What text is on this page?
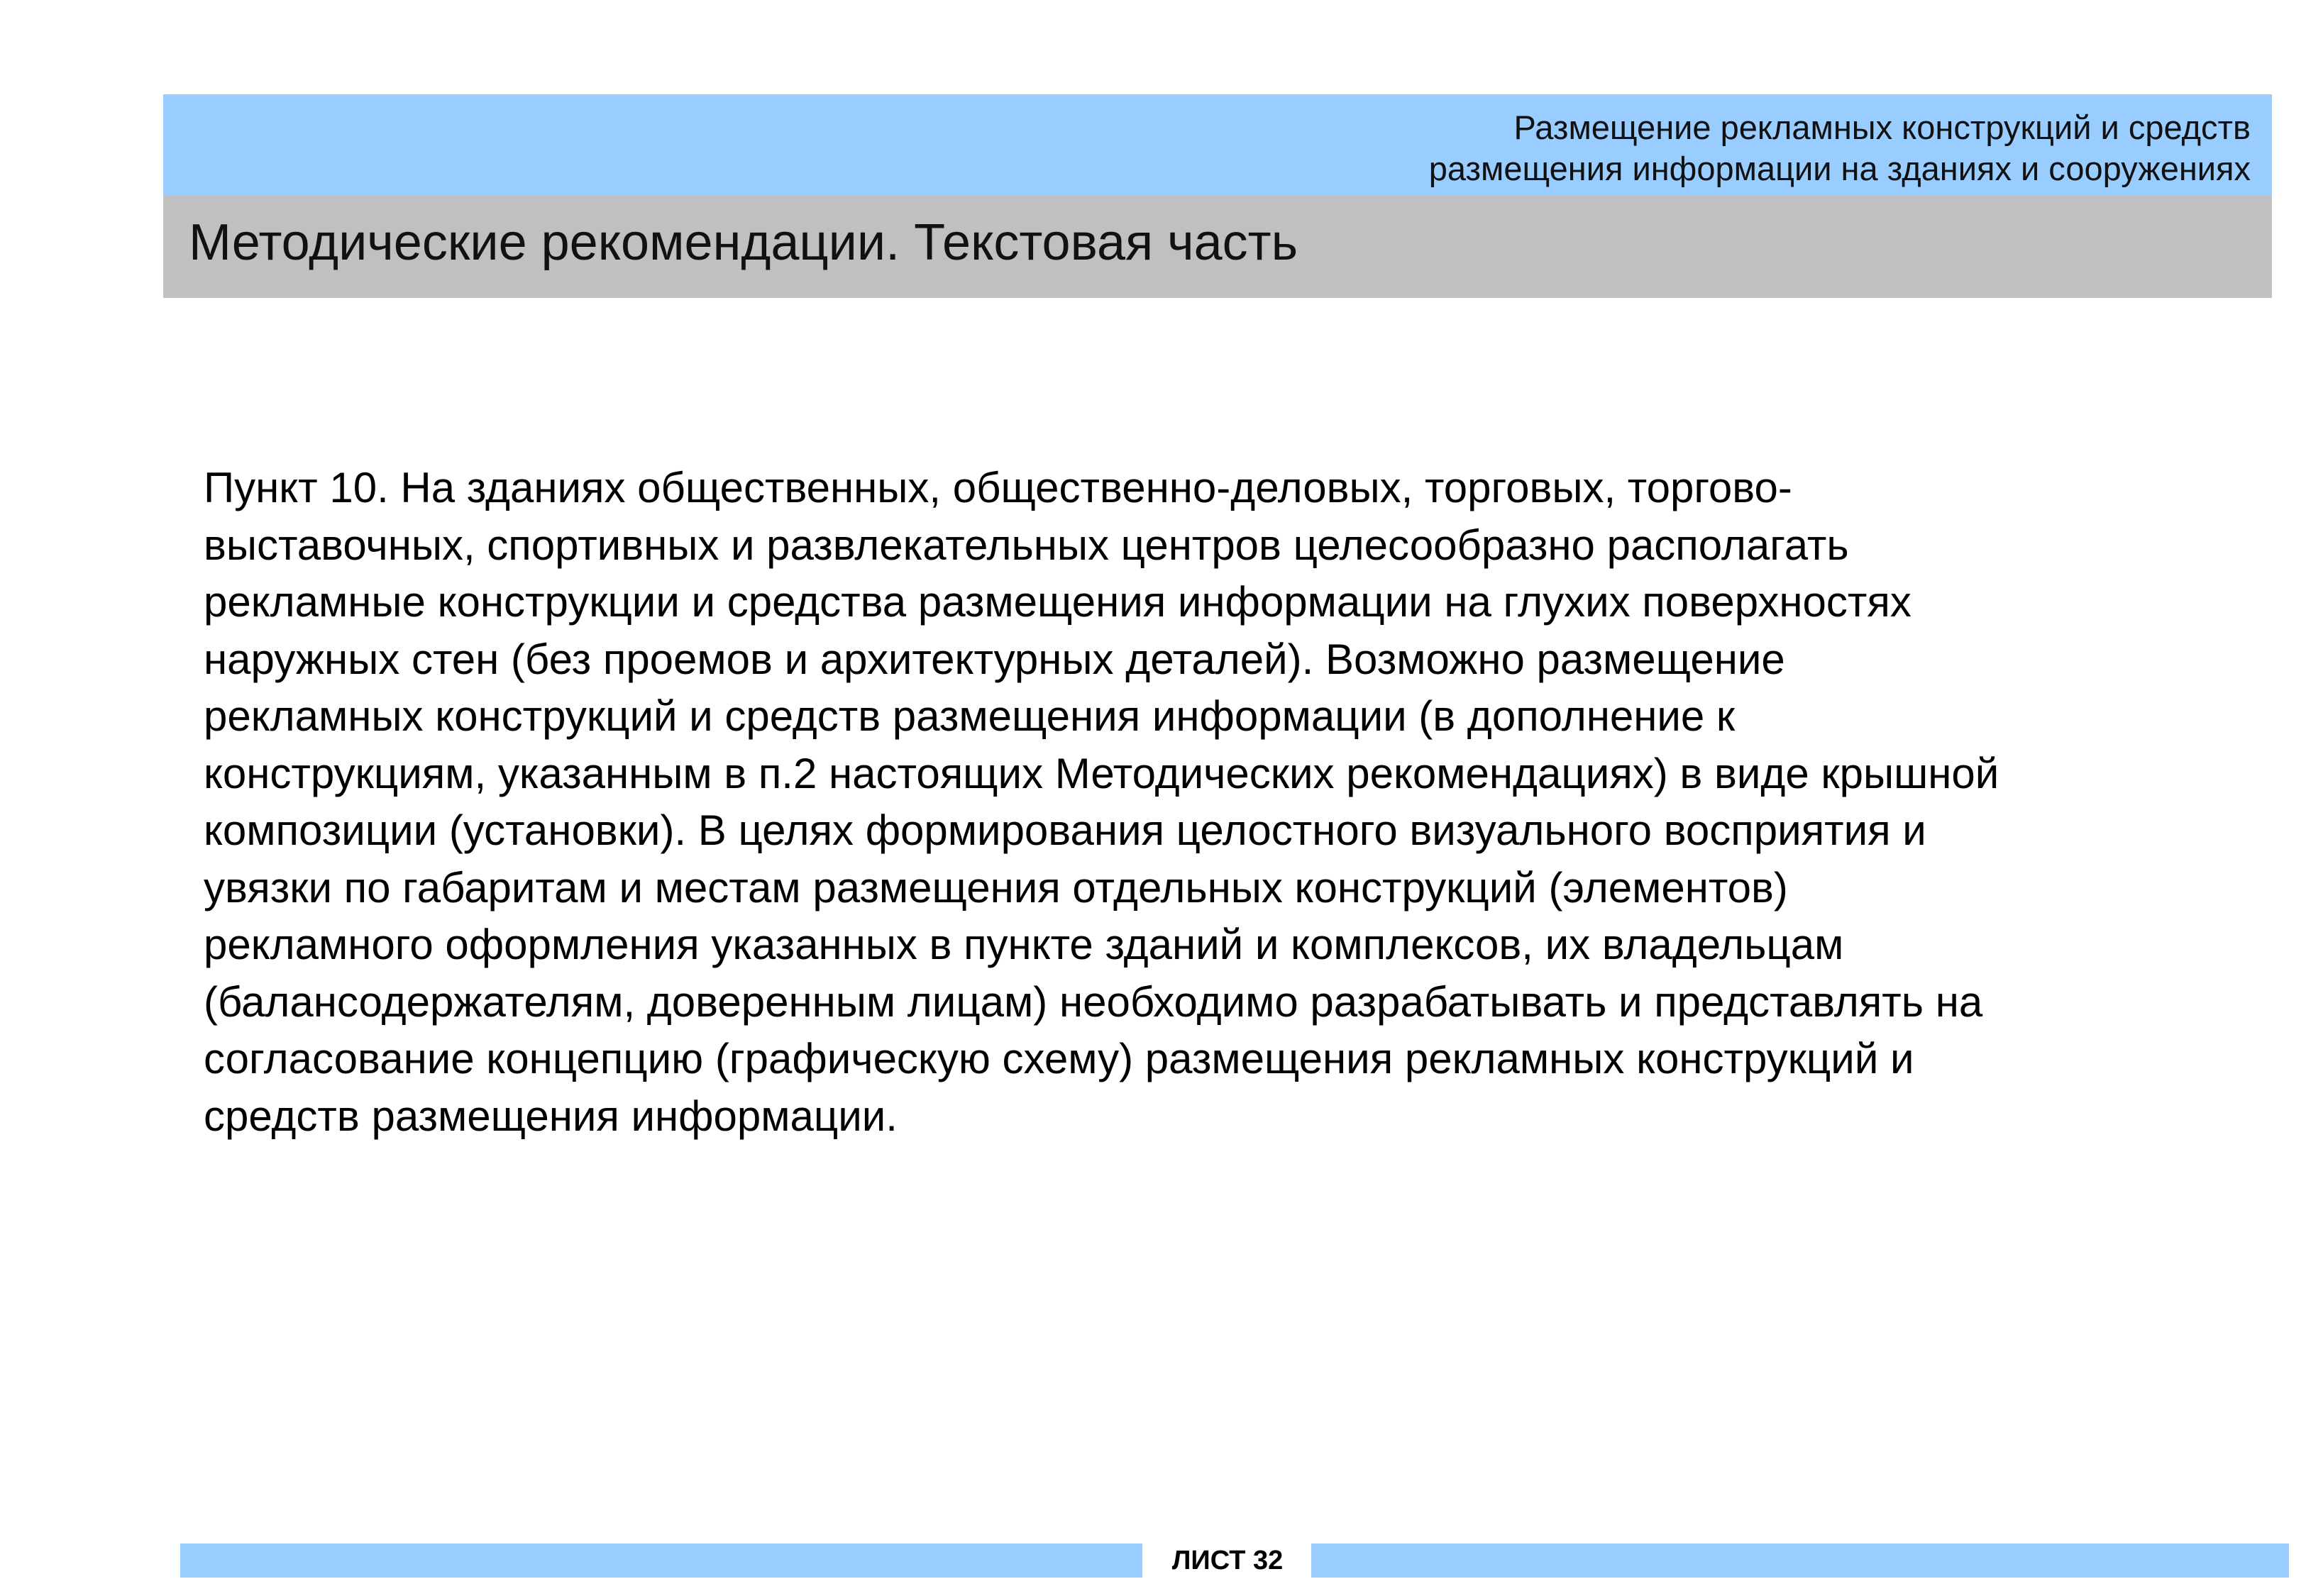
Размещение рекламных конструкций и средств
размещения информации на зданиях и сооружениях
Методические рекомендации. Текстовая часть
Пункт 10. На зданиях общественных, общественно-деловых, торговых, торгово-
выставочных, спортивных и развлекательных центров целесообразно располагать
рекламные конструкции и средства размещения информации на глухих поверхностях
наружных стен (без проемов и архитектурных деталей). Возможно размещение
рекламных конструкций и средств размещения информации (в дополнение к
конструкциям, указанным в п.2 настоящих Методических рекомендациях) в виде крышной
композиции (установки). В целях формирования целостного визуального восприятия и
увязки по габаритам и местам размещения отдельных конструкций (элементов)
рекламного оформления указанных в пункте зданий и комплексов, их владельцам
(балансодержателям, доверенным лицам) необходимо разрабатывать и представлять на
согласование концепцию (графическую схему) размещения рекламных конструкций и
средств размещения информации.
ЛИСТ 32
